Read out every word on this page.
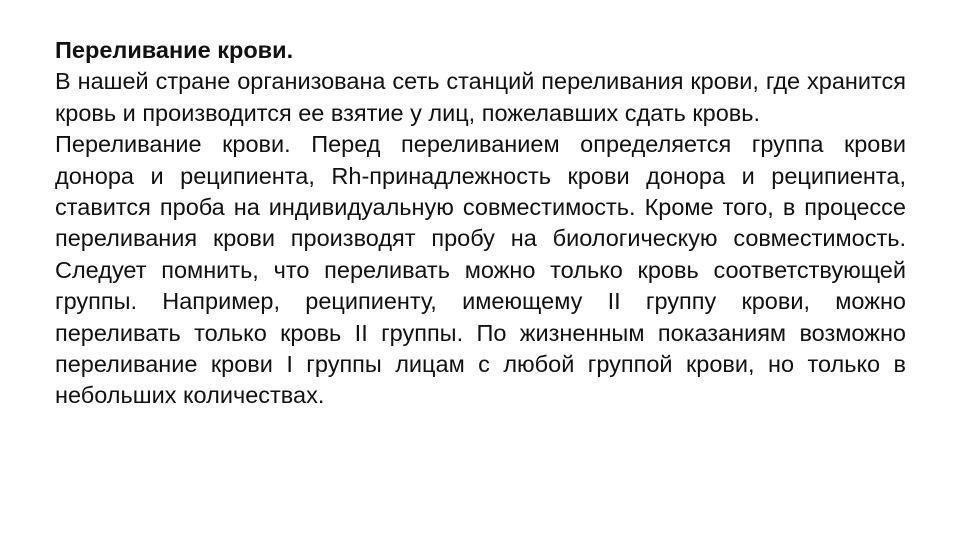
Переливание крови.

В нашей стране организована сеть станций переливания крови, где хранится кровь и производится ее взятие у лиц, пожелавших сдать кровь.

Переливание крови. Перед переливанием определяется группа крови донора и реципиента, Rh-принадлежность крови донора и реципиента, ставится проба на индивидуальную совместимость. Кроме того, в процессе переливания крови производят пробу на биологическую совместимость. Следует помнить, что переливать можно только кровь соответствующей группы. Например, реципиенту, имеющему II группу крови, можно переливать только кровь II группы. По жизненным показаниям возможно переливание крови I группы лицам с любой группой крови, но только в небольших количествах.
